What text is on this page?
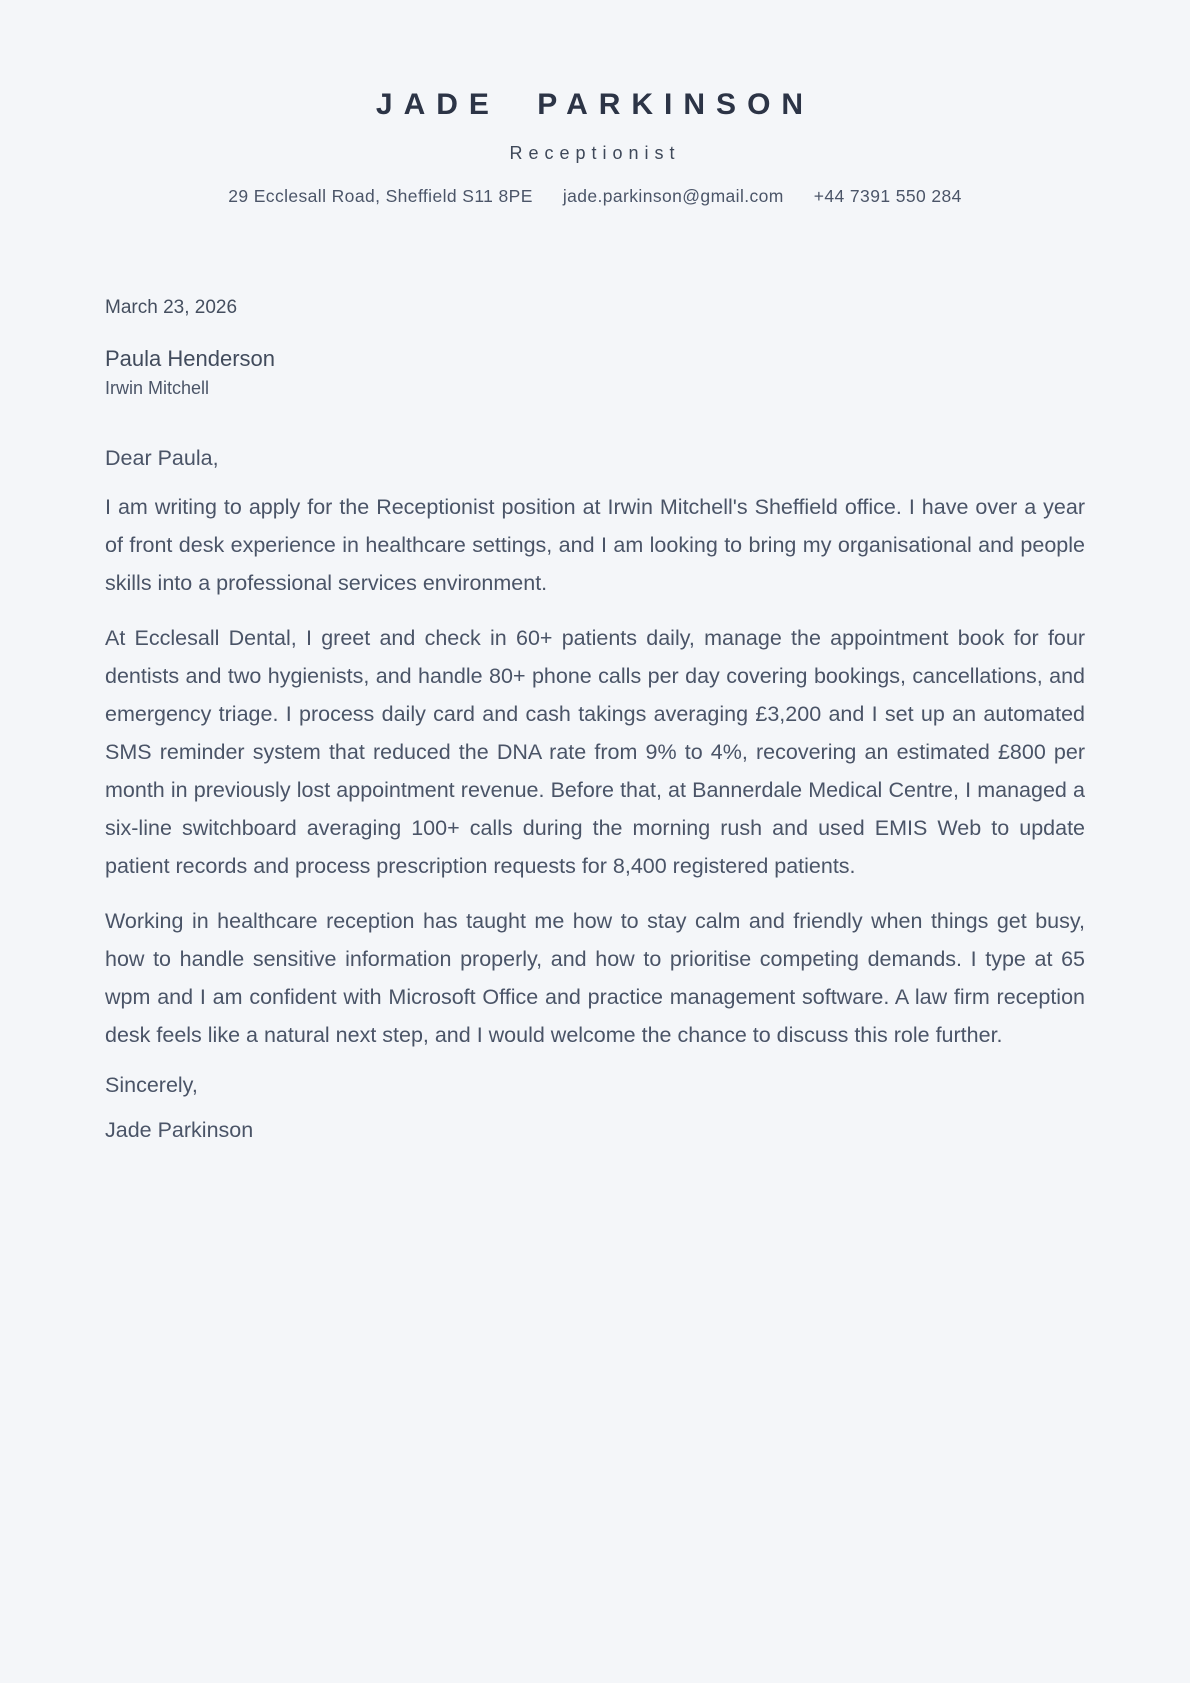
JADE PARKINSON
Receptionist
29 Ecclesall Road, Sheffield S11 8PE jade.parkinson@gmail.com +44 7391 550 284
March 23, 2026
Paula Henderson
Irwin Mitchell
Dear Paula,

I am writing to apply for the Receptionist position at Irwin Mitchell's Sheffield office. I have over a year of front desk experience in healthcare settings, and I am looking to bring my organisational and people skills into a professional services environment.

At Ecclesall Dental, I greet and check in 60+ patients daily, manage the appointment book for four dentists and two hygienists, and handle 80+ phone calls per day covering bookings, cancellations, and emergency triage. I process daily card and cash takings averaging £3,200 and I set up an automated SMS reminder system that reduced the DNA rate from 9% to 4%, recovering an estimated £800 per month in previously lost appointment revenue. Before that, at Bannerdale Medical Centre, I managed a six-line switchboard averaging 100+ calls during the morning rush and used EMIS Web to update patient records and process prescription requests for 8,400 registered patients.

Working in healthcare reception has taught me how to stay calm and friendly when things get busy, how to handle sensitive information properly, and how to prioritise competing demands. I type at 65 wpm and I am confident with Microsoft Office and practice management software. A law firm reception desk feels like a natural next step, and I would welcome the chance to discuss this role further.

Sincerely,
Jade Parkinson
